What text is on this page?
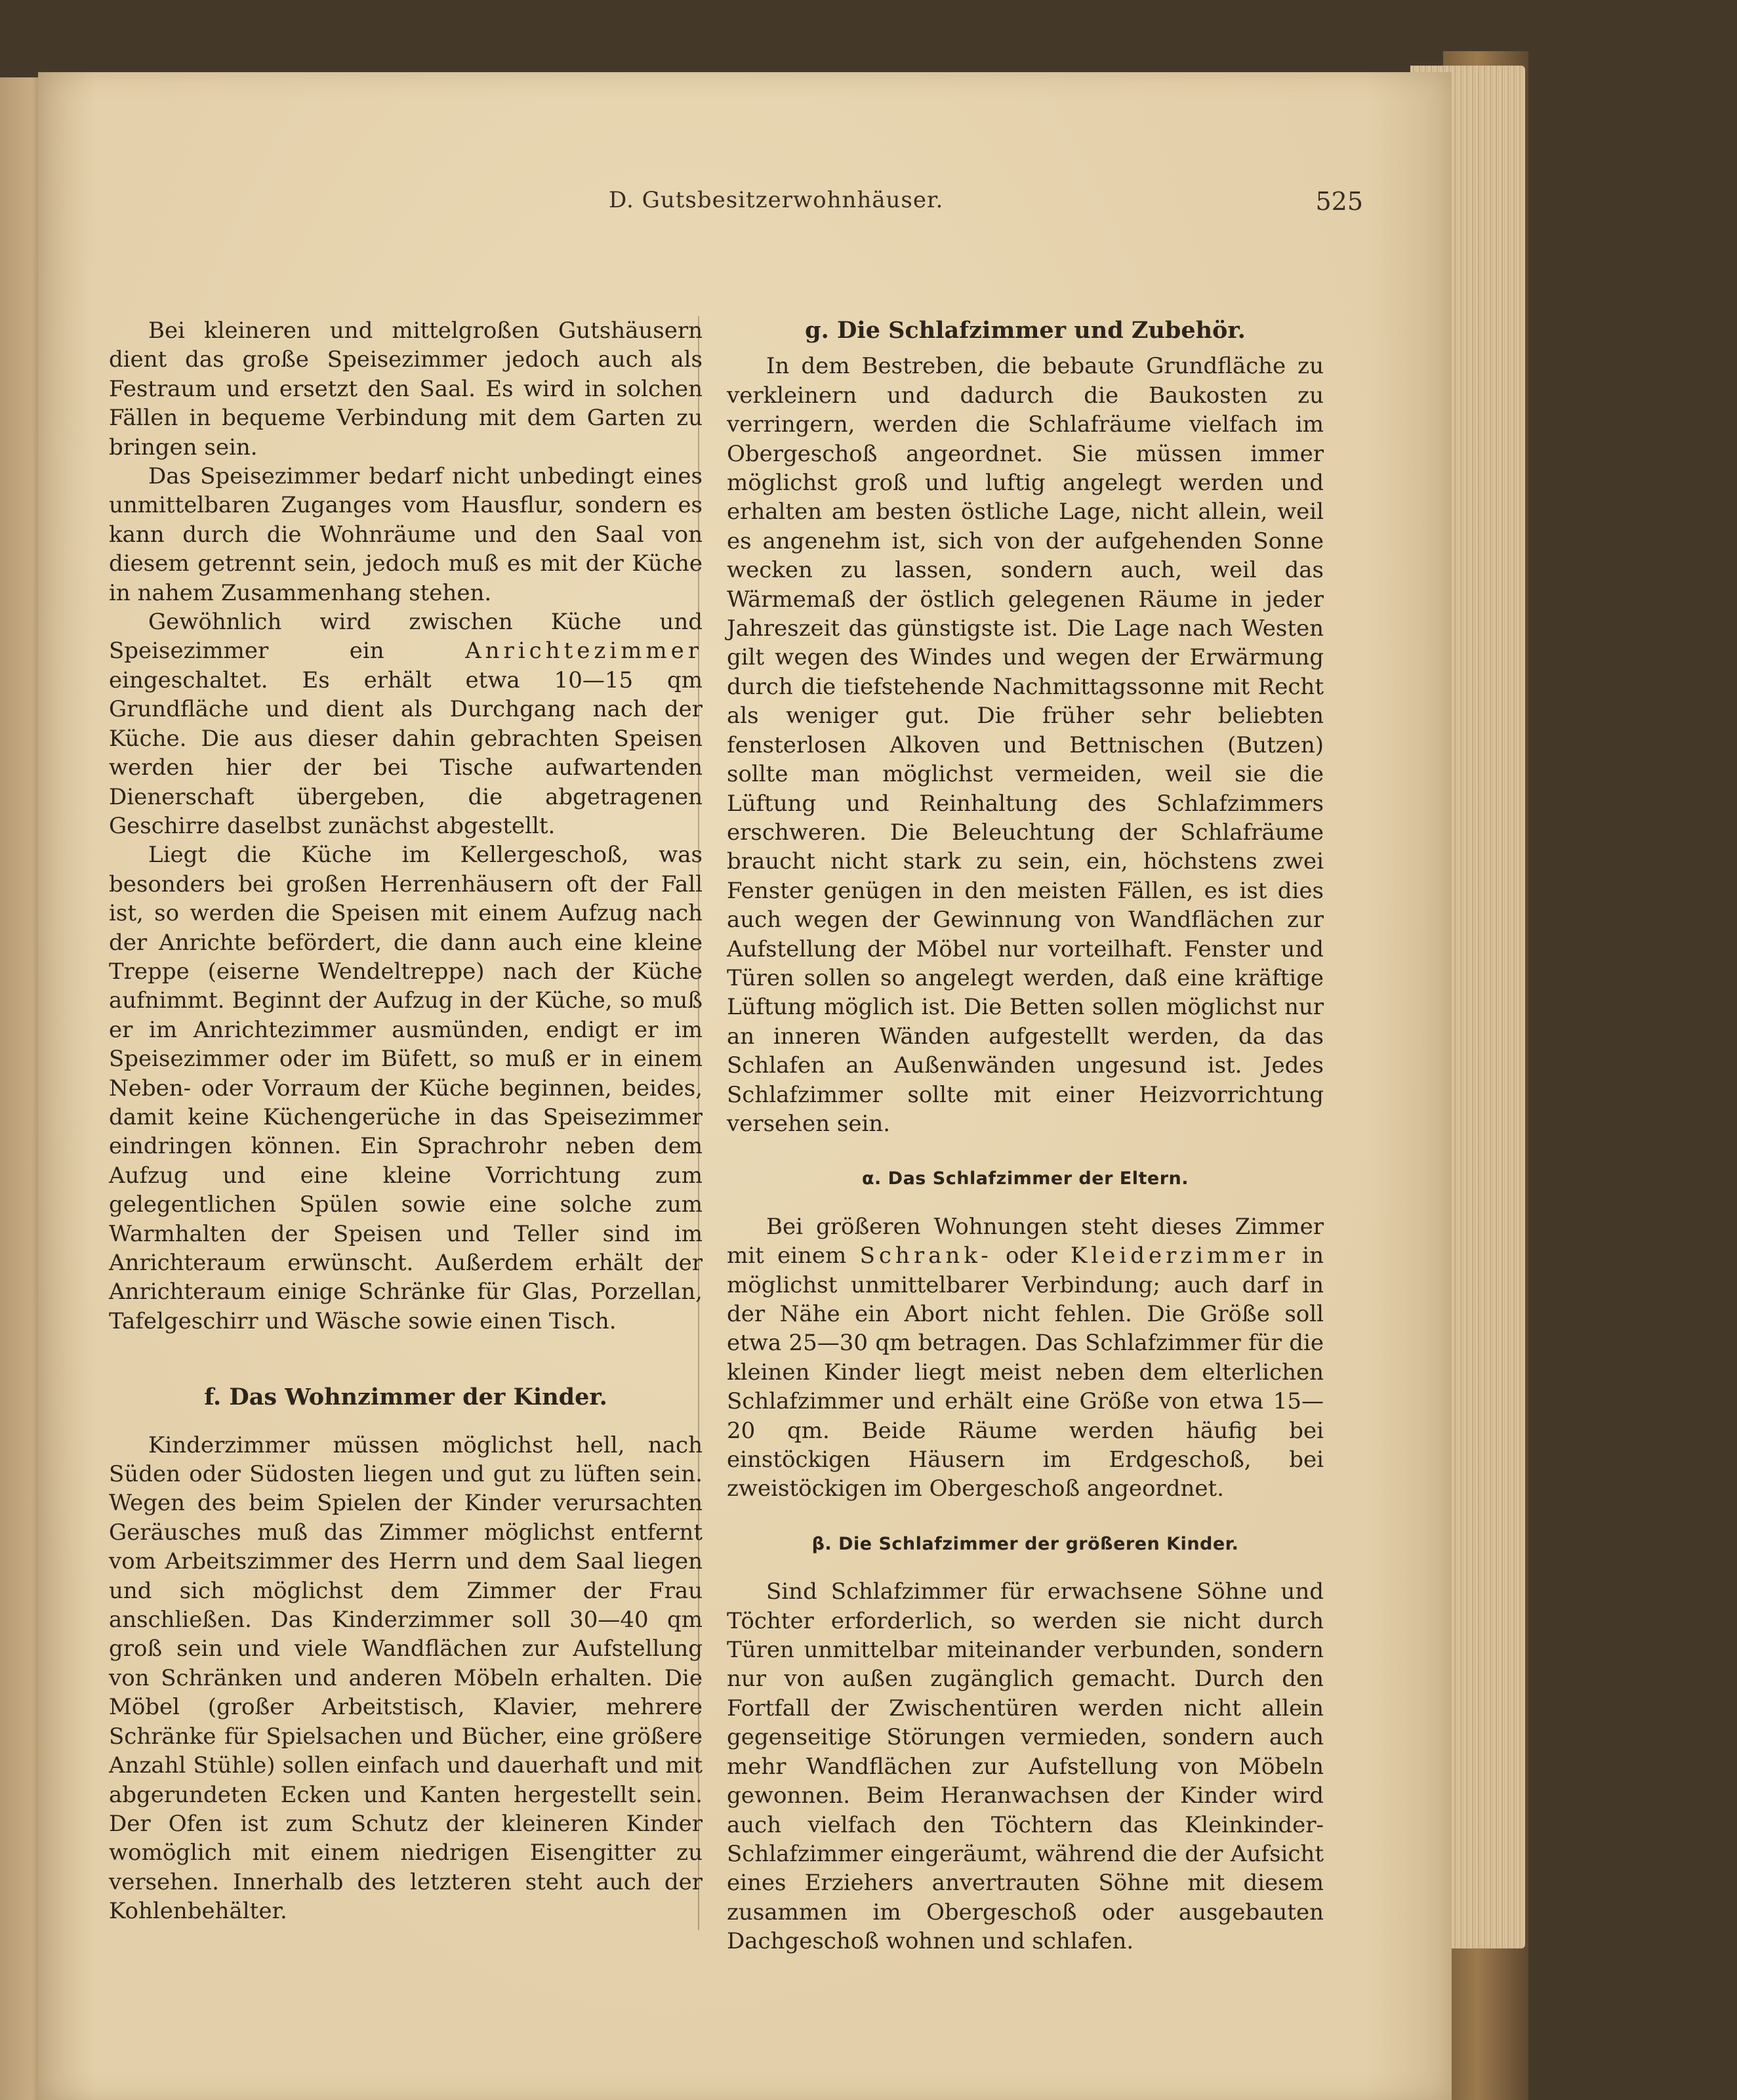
D. Gutsbesitzerwohnhäuser.	525

Bei kleineren und mittelgroßen Gutshäusern dient das große Speisezimmer jedoch auch als Festraum und ersetzt den Saal. Es wird in solchen Fällen in bequeme Verbindung mit dem Garten zu bringen sein.

Das Speisezimmer bedarf nicht unbedingt eines unmittelbaren Zuganges vom Hausflur, sondern es kann durch die Wohnräume und den Saal von diesem getrennt sein, jedoch muß es mit der Küche in nahem Zusammenhang stehen.

Gewöhnlich wird zwischen Küche und Speisezimmer ein	Anrichtezimmer eingeschaltet. Es erhält etwa 10—15 qm Grundfläche und dient als Durchgang nach der Küche. Die aus dieser dahin gebrachten Speisen werden hier der bei Tische aufwartenden Dienerschaft übergeben, die abgetragenen Geschirre daselbst zunächst abgestellt.

Liegt die Küche im Kellergeschoß, was besonders bei großen Herrenhäusern oft der Fall ist, so werden die Speisen mit einem Aufzug nach der Anrichte befördert, die dann auch eine kleine Treppe (eiserne Wendeltreppe) nach der Küche aufnimmt. Beginnt der Aufzug in der Küche, so muß er im Anrichtezimmer ausmünden, endigt er im Speisezimmer oder im Büfett, so muß er in einem Neben- oder Vorraum der Küche beginnen, beides, damit keine Küchengerüche in das Speisezimmer eindringen können. Ein Sprachrohr neben dem Aufzug und eine kleine Vorrichtung zum gelegentlichen Spülen sowie eine solche zum Warmhalten der Speisen und Teller sind im Anrichteraum erwünscht. Außerdem erhält der Anrichteraum einige Schränke für Glas, Porzellan, Tafelgeschirr und Wäsche sowie einen Tisch.

f. Das Wohnzimmer der Kinder.

Kinderzimmer müssen möglichst hell, nach Süden oder Südosten liegen und gut zu lüften sein. Wegen des beim Spielen der Kinder verursachten Geräusches muß das Zimmer möglichst entfernt vom Arbeitszimmer des Herrn und dem Saal liegen und sich möglichst dem Zimmer der Frau anschließen. Das Kinderzimmer soll 30—40 qm groß sein und viele Wandflächen zur Aufstellung von Schränken und anderen Möbeln erhalten. Die Möbel (großer Arbeitstisch, Klavier, mehrere Schränke für Spielsachen und Bücher, eine größere Anzahl Stühle) sollen einfach und dauerhaft und mit abgerundeten Ecken und Kanten hergestellt sein. Der Ofen ist zum Schutz der kleineren Kinder womöglich mit einem niedrigen Eisengitter zu versehen. Innerhalb des letzteren steht auch der Kohlenbehälter.

g. Die Schlafzimmer und Zubehör.

In dem Bestreben, die bebaute Grundfläche zu verkleinern und dadurch die Baukosten zu verringern, werden die Schlafräume vielfach im Obergeschoß angeordnet. Sie müssen immer möglichst groß und luftig angelegt werden und erhalten am besten östliche Lage, nicht allein, weil es angenehm ist, sich von der aufgehenden Sonne wecken zu lassen, sondern auch, weil das Wärmemaß der östlich gelegenen Räume in jeder Jahreszeit das günstigste ist. Die Lage nach Westen gilt wegen des Windes und wegen der Erwärmung durch die tiefstehende Nachmittagssonne mit Recht als weniger gut. Die früher sehr beliebten fensterlosen Alkoven und Bettnischen (Butzen) sollte man möglichst vermeiden, weil sie die Lüftung und Reinhaltung des Schlafzimmers erschweren. Die Beleuchtung der Schlafräume braucht nicht stark zu sein, ein, höchstens zwei Fenster genügen in den meisten Fällen, es ist dies auch wegen der Gewinnung von Wandflächen zur Aufstellung der Möbel nur vorteilhaft. Fenster und Türen sollen so angelegt werden, daß eine kräftige Lüftung möglich ist. Die Betten sollen möglichst nur an inneren Wänden aufgestellt werden, da das Schlafen an Außenwänden ungesund ist. Jedes Schlafzimmer sollte mit einer Heizvorrichtung versehen sein.

α. Das Schlafzimmer der Eltern.

Bei größeren Wohnungen steht dieses Zimmer mit einem Schrank- oder Kleiderzimmer in möglichst unmittelbarer Verbindung; auch darf in der Nähe ein Abort nicht fehlen. Die Größe soll etwa 25—30 qm betragen. Das Schlafzimmer für die kleinen Kinder liegt meist neben dem elterlichen Schlafzimmer und erhält eine Größe von etwa 15—20 qm. Beide Räume werden häufig bei einstöckigen Häusern im Erdgeschoß, bei zweistöckigen im Obergeschoß angeordnet.

β. Die Schlafzimmer der größeren Kinder.

Sind Schlafzimmer für erwachsene Söhne und Töchter erforderlich, so werden sie nicht durch Türen unmittelbar miteinander verbunden, sondern nur von außen zugänglich gemacht. Durch den Fortfall der Zwischentüren werden nicht allein gegenseitige Störungen vermieden, sondern auch mehr Wandflächen zur Aufstellung von Möbeln gewonnen. Beim Heranwachsen der Kinder wird auch vielfach den Töchtern das Kleinkinder-Schlafzimmer eingeräumt, während die der Aufsicht eines Erziehers anvertrauten Söhne mit diesem zusammen im Obergeschoß oder ausgebauten Dachgeschoß wohnen und schlafen.
